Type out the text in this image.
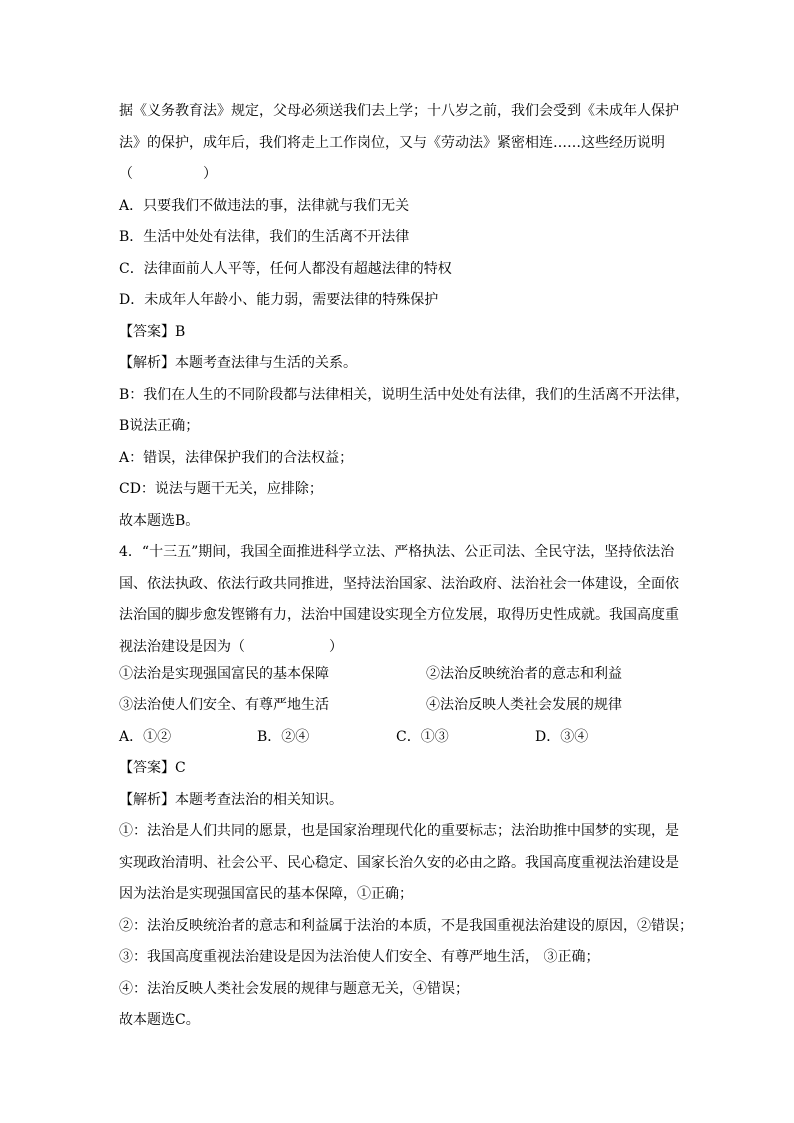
据《义务教育法》规定，父母必须送我们去上学；十八岁之前，我们会受到《未成年人保护
法》的保护，成年后，我们将走上工作岗位，又与《劳动法》紧密相连……这些经历说明
（　　　　　）
A．只要我们不做违法的事，法律就与我们无关
B．生活中处处有法律，我们的生活离不开法律
C．法律面前人人平等，任何人都没有超越法律的特权
D．未成年人年龄小、能力弱，需要法律的特殊保护
【答案】B
【解析】本题考查法律与生活的关系。
B：我们在人生的不同阶段都与法律相关，说明生活中处处有法律，我们的生活离不开法律，
B说法正确；
A：错误，法律保护我们的合法权益；
CD：说法与题干无关，应排除；
故本题选B。
4．“十三五”期间，我国全面推进科学立法、严格执法、公正司法、全民守法，坚持依法治
国、依法执政、依法行政共同推进，坚持法治国家、法治政府、法治社会一体建设，全面依
法治国的脚步愈发铿锵有力，法治中国建设实现全方位发展，取得历史性成就。我国高度重
视法治建设是因为（　　　　　　）
①法治是实现强国富民的基本保障	②法治反映统治者的意志和利益
③法治使人们安全、有尊严地生活	④法治反映人类社会发展的规律
A．①②	B．②④	C．①③	D．③④
【答案】C
【解析】本题考查法治的相关知识。
①：法治是人们共同的愿景，也是国家治理现代化的重要标志；法治助推中国梦的实现，是
实现政治清明、社会公平、民心稳定、国家长治久安的必由之路。我国高度重视法治建设是
因为法治是实现强国富民的基本保障，①正确；
②：法治反映统治者的意志和利益属于法治的本质，不是我国重视法治建设的原因，②错误；
③：我国高度重视法治建设是因为法治使人们安全、有尊严地生活， ③正确；
④：法治反映人类社会发展的规律与题意无关，④错误；
故本题选C。
